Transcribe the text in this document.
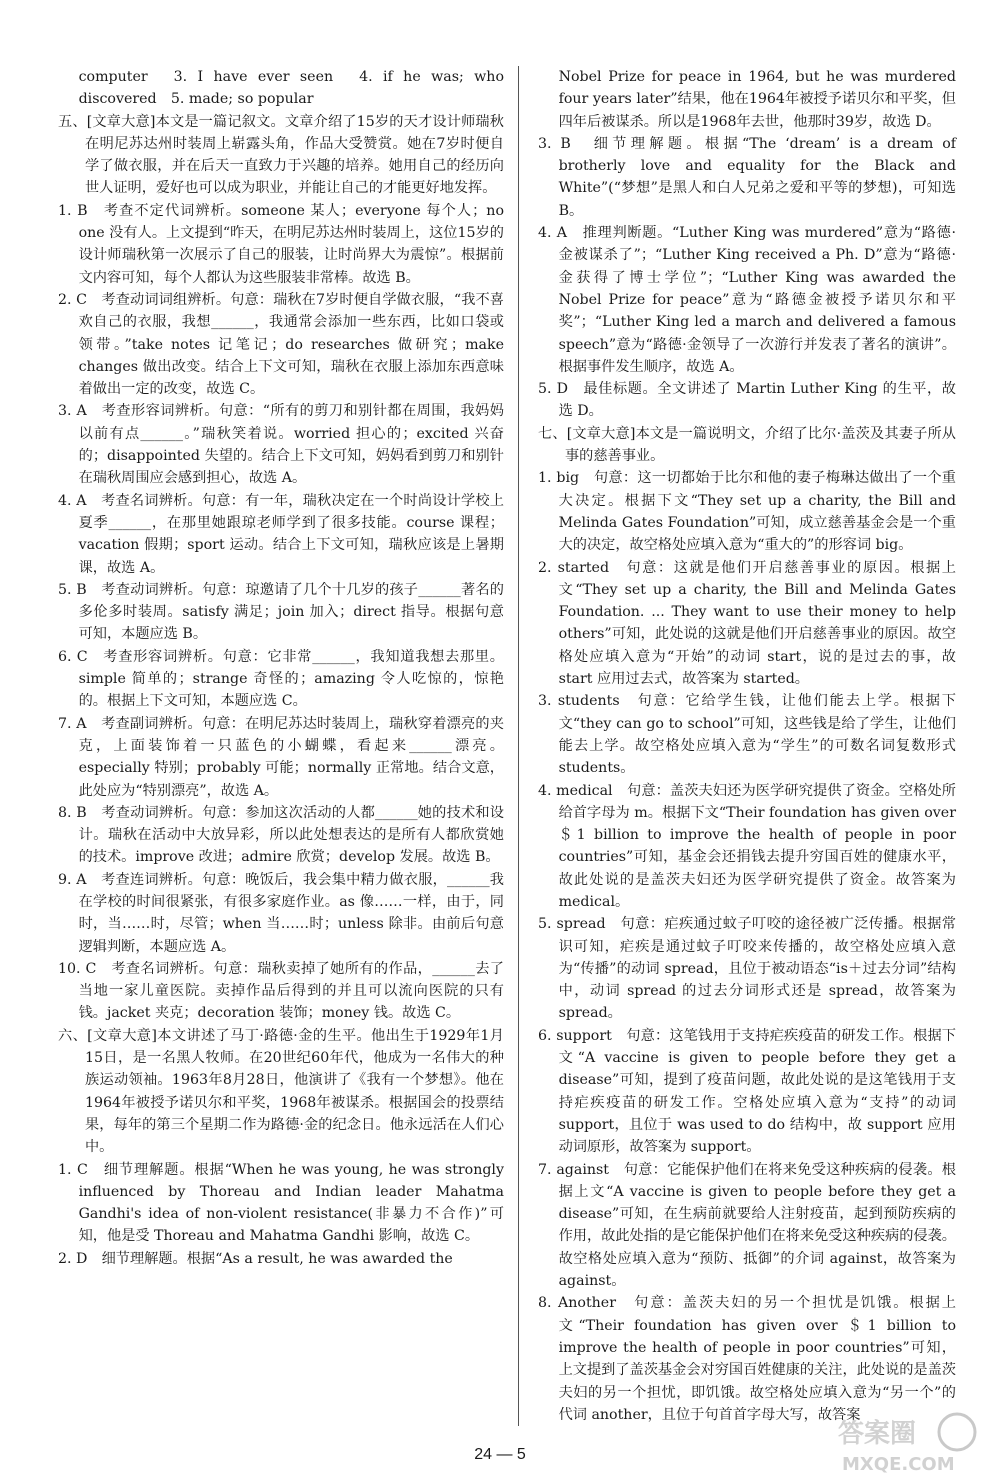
computer　3. I have ever seen　4. if he was; who discovered　5. made; so popular

五、[文章大意]本文是一篇记叙文。文章介绍了15岁的天才设计师瑞秋在明尼苏达州时装周上崭露头角，作品大受赞赏。她在7岁时便自学了做衣服，并在后天一直致力于兴趣的培养。她用自己的经历向世人证明，爱好也可以成为职业，并能让自己的才能更好地发挥。

1. B　考查不定代词辨析。someone 某人；everyone 每个人；no one 没有人。上文提到“昨天，在明尼苏达州时装周上，这位15岁的设计师瑞秋第一次展示了自己的服装，让时尚界大为震惊”。根据前文内容可知，每个人都认为这些服装非常棒。故选 B。

2. C　考查动词词组辨析。句意：瑞秋在7岁时便自学做衣服，“我不喜欢自己的衣服，我想______，我通常会添加一些东西，比如口袋或领带。”take notes 记笔记；do researches 做研究；make changes 做出改变。结合上下文可知，瑞秋在衣服上添加东西意味着做出一定的改变，故选 C。

3. A　考查形容词辨析。句意：“所有的剪刀和别针都在周围，我妈妈以前有点______。”瑞秋笑着说。worried 担心的；excited 兴奋的；disappointed 失望的。结合上下文可知，妈妈看到剪刀和别针在瑞秋周围应会感到担心，故选 A。

4. A　考查名词辨析。句意：有一年，瑞秋决定在一个时尚设计学校上夏季______，在那里她跟琼老师学到了很多技能。course 课程；vacation 假期；sport 运动。结合上下文可知，瑞秋应该是上暑期课，故选 A。

5. B　考查动词辨析。句意：琼邀请了几个十几岁的孩子______著名的多伦多时装周。satisfy 满足；join 加入；direct 指导。根据句意可知，本题应选 B。

6. C　考查形容词辨析。句意：它非常______，我知道我想去那里。simple 简单的；strange 奇怪的；amazing 令人吃惊的，惊艳的。根据上下文可知，本题应选 C。

7. A　考查副词辨析。句意：在明尼苏达时装周上，瑞秋穿着漂亮的夹克，上面装饰着一只蓝色的小蝴蝶，看起来______漂亮。especially 特别；probably 可能；normally 正常地。结合文意，此处应为“特别漂亮”，故选 A。

8. B　考查动词辨析。句意：参加这次活动的人都______她的技术和设计。瑞秋在活动中大放异彩，所以此处想表达的是所有人都欣赏她的技术。improve 改进；admire 欣赏；develop 发展。故选 B。

9. A　考查连词辨析。句意：晚饭后，我会集中精力做衣服，______我在学校的时间很紧张，有很多家庭作业。as 像……一样，由于，同时，当……时，尽管；when 当……时；unless 除非。由前后句意逻辑判断，本题应选 A。

10. C　考查名词辨析。句意：瑞秋卖掉了她所有的作品，______去了当地一家儿童医院。卖掉作品后得到的并且可以流向医院的只有钱。jacket 夹克；decoration 装饰；money 钱。故选 C。

六、[文章大意]本文讲述了马丁·路德·金的生平。他出生于1929年1月15日，是一名黑人牧师。在20世纪60年代，他成为一名伟大的种族运动领袖。1963年8月28日，他演讲了《我有一个梦想》。他在1964年被授予诺贝尔和平奖，1968年被谋杀。根据国会的投票结果，每年的第三个星期二作为路德·金的纪念日。他永远活在人们心中。

1. C　细节理解题。根据“When he was young, he was strongly influenced by Thoreau and Indian leader Mahatma Gandhi's idea of non-violent resistance(非暴力不合作)”可知，他是受 Thoreau and Mahatma Gandhi 影响，故选 C。

2. D　细节理解题。根据“As a result, he was awarded the

Nobel Prize for peace in 1964, but he was murdered four years later”结果，他在1964年被授予诺贝尔和平奖，但四年后被谋杀。所以是1968年去世，他那时39岁，故选 D。

3. B　细节理解题。根据“The ‘dream’ is a dream of brotherly love and equality for the Black and White”(“梦想”是黑人和白人兄弟之爱和平等的梦想)，可知选 B。

4. A　推理判断题。“Luther King was murdered”意为“路德·金被谋杀了”；“Luther King received a Ph. D”意为“路德·金获得了博士学位”；“Luther King was awarded the Nobel Prize for peace”意为“路德金被授予诺贝尔和平奖”；“Luther King led a march and delivered a famous speech”意为“路德·金领导了一次游行并发表了著名的演讲”。根据事件发生顺序，故选 A。

5. D　最佳标题。全文讲述了 Martin Luther King 的生平，故选 D。

七、[文章大意]本文是一篇说明文，介绍了比尔·盖茨及其妻子所从事的慈善事业。

1. big　句意：这一切都始于比尔和他的妻子梅琳达做出了一个重大决定。根据下文“They set up a charity, the Bill and Melinda Gates Foundation”可知，成立慈善基金会是一个重大的决定，故空格处应填入意为“重大的”的形容词 big。

2. started　句意：这就是他们开启慈善事业的原因。根据上文“They set up a charity, the Bill and Melinda Gates Foundation. ... They want to use their money to help others”可知，此处说的这就是他们开启慈善事业的原因。故空格处应填入意为“开始”的动词 start，说的是过去的事，故 start 应用过去式，故答案为 started。

3. students　句意：它给学生钱，让他们能去上学。根据下文“they can go to school”可知，这些钱是给了学生，让他们能去上学。故空格处应填入意为“学生”的可数名词复数形式 students。

4. medical　句意：盖茨夫妇还为医学研究提供了资金。空格处所给首字母为 m。根据下文“Their foundation has given over ＄1 billion to improve the health of people in poor countries”可知，基金会还捐钱去提升穷国百姓的健康水平，故此处说的是盖茨夫妇还为医学研究提供了资金。故答案为 medical。

5. spread　句意：疟疾通过蚊子叮咬的途径被广泛传播。根据常识可知，疟疾是通过蚊子叮咬来传播的，故空格处应填入意为“传播”的动词 spread，且位于被动语态“is＋过去分词”结构中，动词 spread 的过去分词形式还是 spread，故答案为 spread。

6. support　句意：这笔钱用于支持疟疾疫苗的研发工作。根据下文“A vaccine is given to people before they get a disease”可知，提到了疫苗问题，故此处说的是这笔钱用于支持疟疾疫苗的研发工作。空格处应填入意为“支持”的动词 support，且位于 was used to do 结构中，故 support 应用动词原形，故答案为 support。

7. against　句意：它能保护他们在将来免受这种疾病的侵袭。根据上文“A vaccine is given to people before they get a disease”可知，在生病前就要给人注射疫苗，起到预防疾病的作用，故此处指的是它能保护他们在将来免受这种疾病的侵袭。故空格处应填入意为“预防、抵御”的介词 against，故答案为 against。

8. Another　句意：盖茨夫妇的另一个担忧是饥饿。根据上文“Their foundation has given over ＄1 billion to improve the health of people in poor countries”可知，上文提到了盖茨基金会对穷国百姓健康的关注，此处说的是盖茨夫妇的另一个担忧，即饥饿。故空格处应填入意为“另一个”的代词 another，且位于句首首字母大写，故答案

24 — 5
答案圈
MXQE.COM
